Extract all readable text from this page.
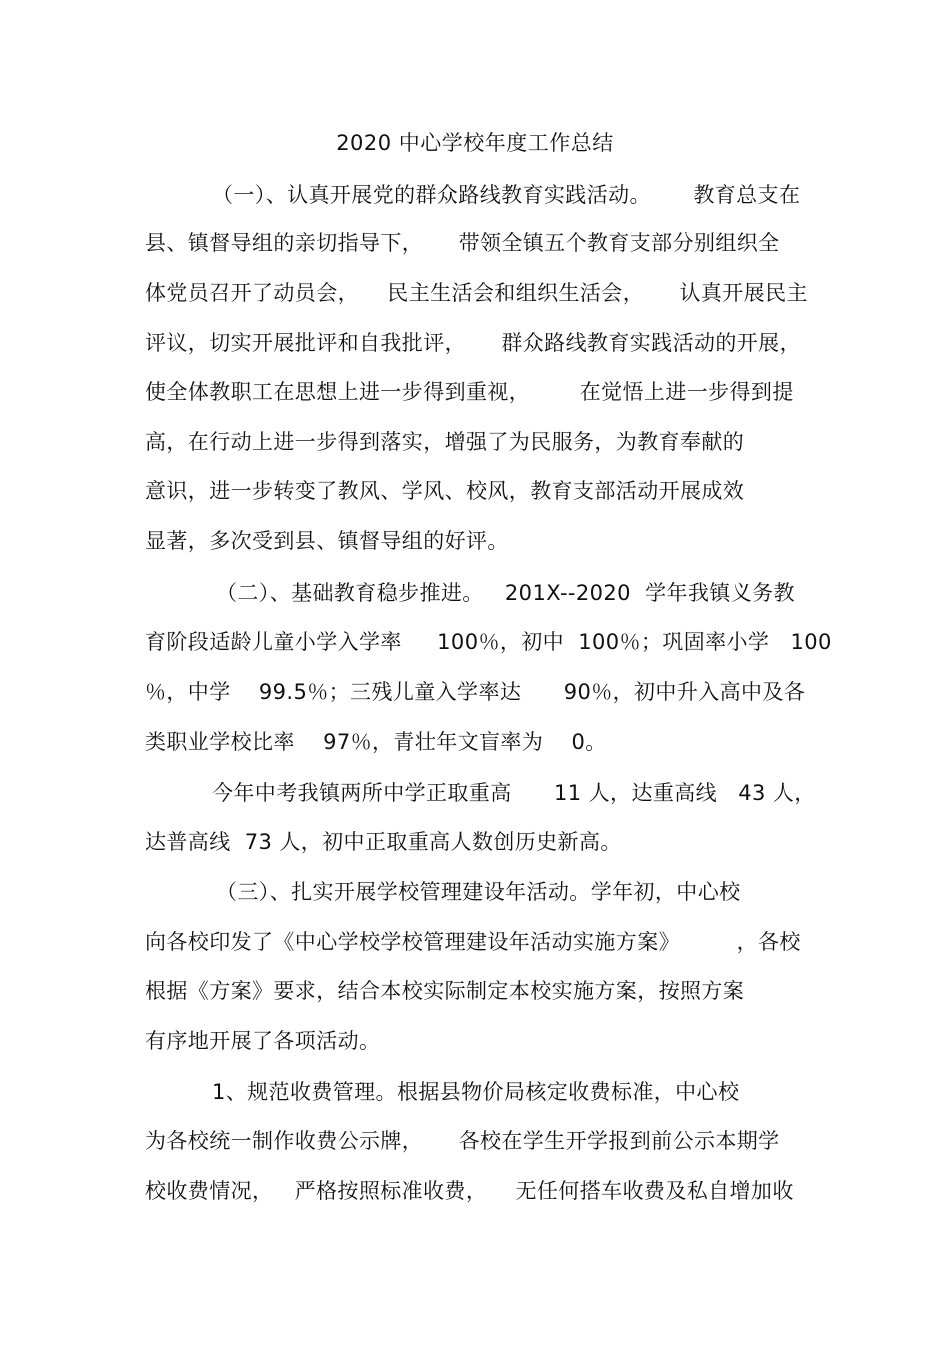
2020 中心学校年度工作总结
（一）、认真开展党的群众路线教育实践活动。      教育总支在
县、镇督导组的亲切指导下，     带领全镇五个教育支部分别组织全
体党员召开了动员会，    民主生活会和组织生活会，     认真开展民主
评议，切实开展批评和自我批评，     群众路线教育实践活动的开展，
使全体教职工在思想上进一步得到重视，       在觉悟上进一步得到提
高，在行动上进一步得到落实，增强了为民服务，为教育奉献的
意识，进一步转变了教风、学风、校风，教育支部活动开展成效
显著，多次受到县、镇督导组的好评。
（二）、基础教育稳步推进。   201X--2020  学年我镇义务教
育阶段适龄儿童小学入学率     100％，初中  100％；巩固率小学   100
％，中学    99.5％；三残儿童入学率达      90％，初中升入高中及各
类职业学校比率    97％，青壮年文盲率为    0。
今年中考我镇两所中学正取重高      11 人，达重高线   43 人，
达普高线  73 人，初中正取重高人数创历史新高。
（三）、扎实开展学校管理建设年活动。学年初，中心校
向各校印发了《中心学校学校管理建设年活动实施方案》        ，各校
根据《方案》要求，结合本校实际制定本校实施方案，按照方案
有序地开展了各项活动。
1、规范收费管理。根据县物价局核定收费标准，中心校
为各校统一制作收费公示牌，     各校在学生开学报到前公示本期学
校收费情况，   严格按照标准收费，    无任何搭车收费及私自增加收
